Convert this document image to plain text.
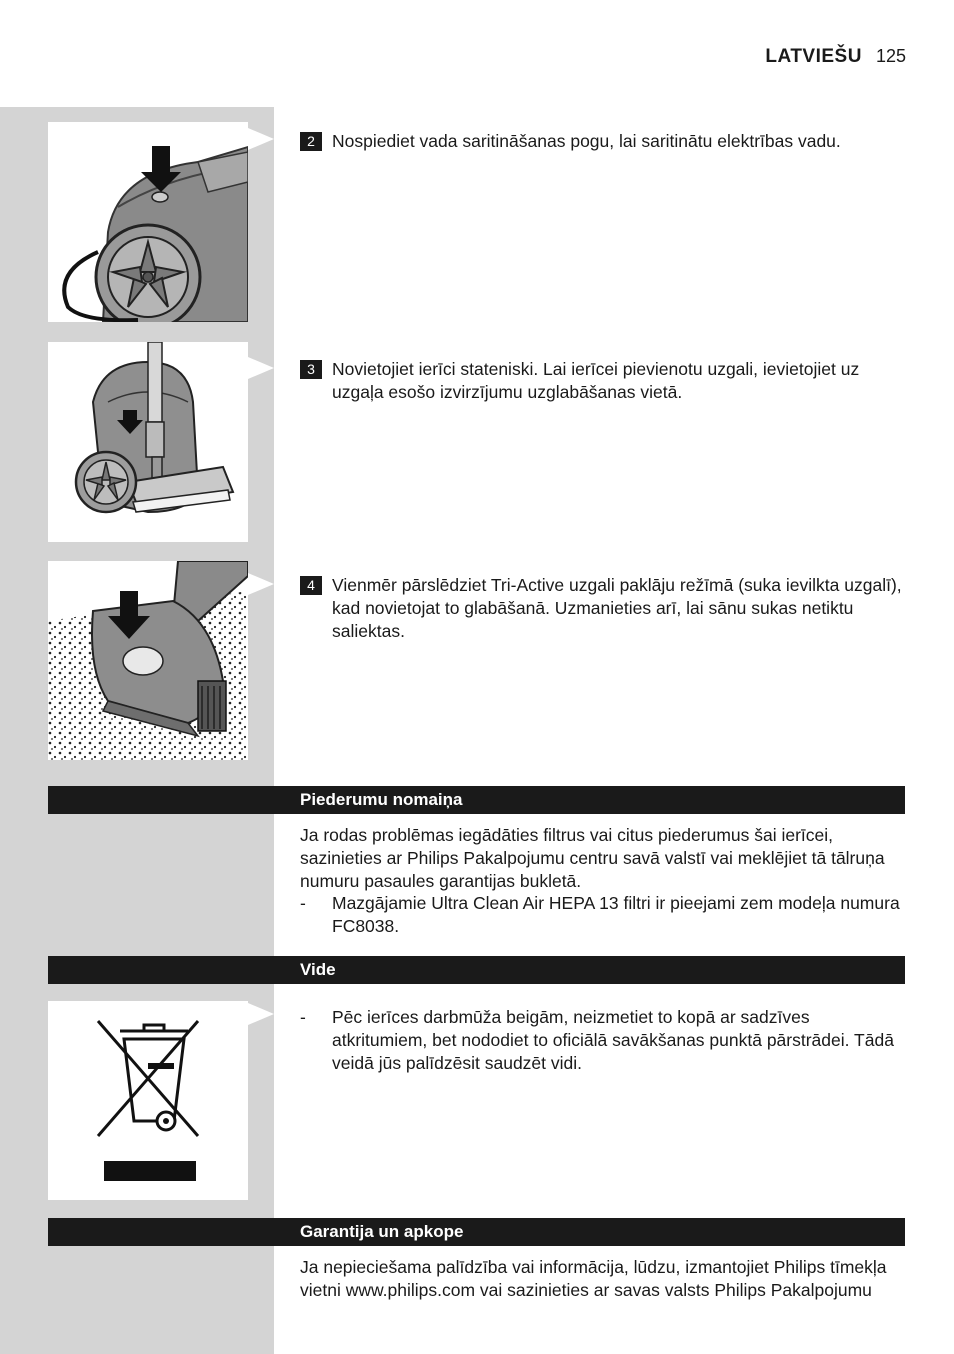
LATVIEŠU 125
2 Nospiediet vada saritināšanas pogu, lai saritinātu elektrības vadu.
3 Novietojiet ierīci stateniski. Lai ierīcei pievienotu uzgali, ievietojiet uz uzgaļa esošo izvirzījumu uzglabāšanas vietā.
4 Vienmēr pārslēdziet Tri-Active uzgali paklāju režīmā (suka ievilkta uzgalī), kad novietojat to glabāšanā. Uzmanieties arī, lai sānu sukas netiktu saliektas.
Piederumu nomaiņa
Ja rodas problēmas iegādāties filtrus vai citus piederumus šai ierīcei, sazinieties ar Philips Pakalpojumu centru savā valstī vai meklējiet tā tālruņa numuru pasaules garantijas bukletā.
-	Mazgājamie Ultra Clean Air HEPA 13 filtri ir pieejami zem modeļa numura FC8038.
Vide
-	Pēc ierīces darbmūža beigām, neizmetiet to kopā ar sadzīves atkritumiem, bet nododiet to oficiālā savākšanas punktā pārstrādei. Tādā veidā jūs palīdzēsit saudzēt vidi.
Garantija un apkope
Ja nepieciešama palīdzība vai informācija, lūdzu, izmantojiet Philips tīmekļa vietni www.philips.com vai sazinieties ar savas valsts Philips Pakalpojumu
